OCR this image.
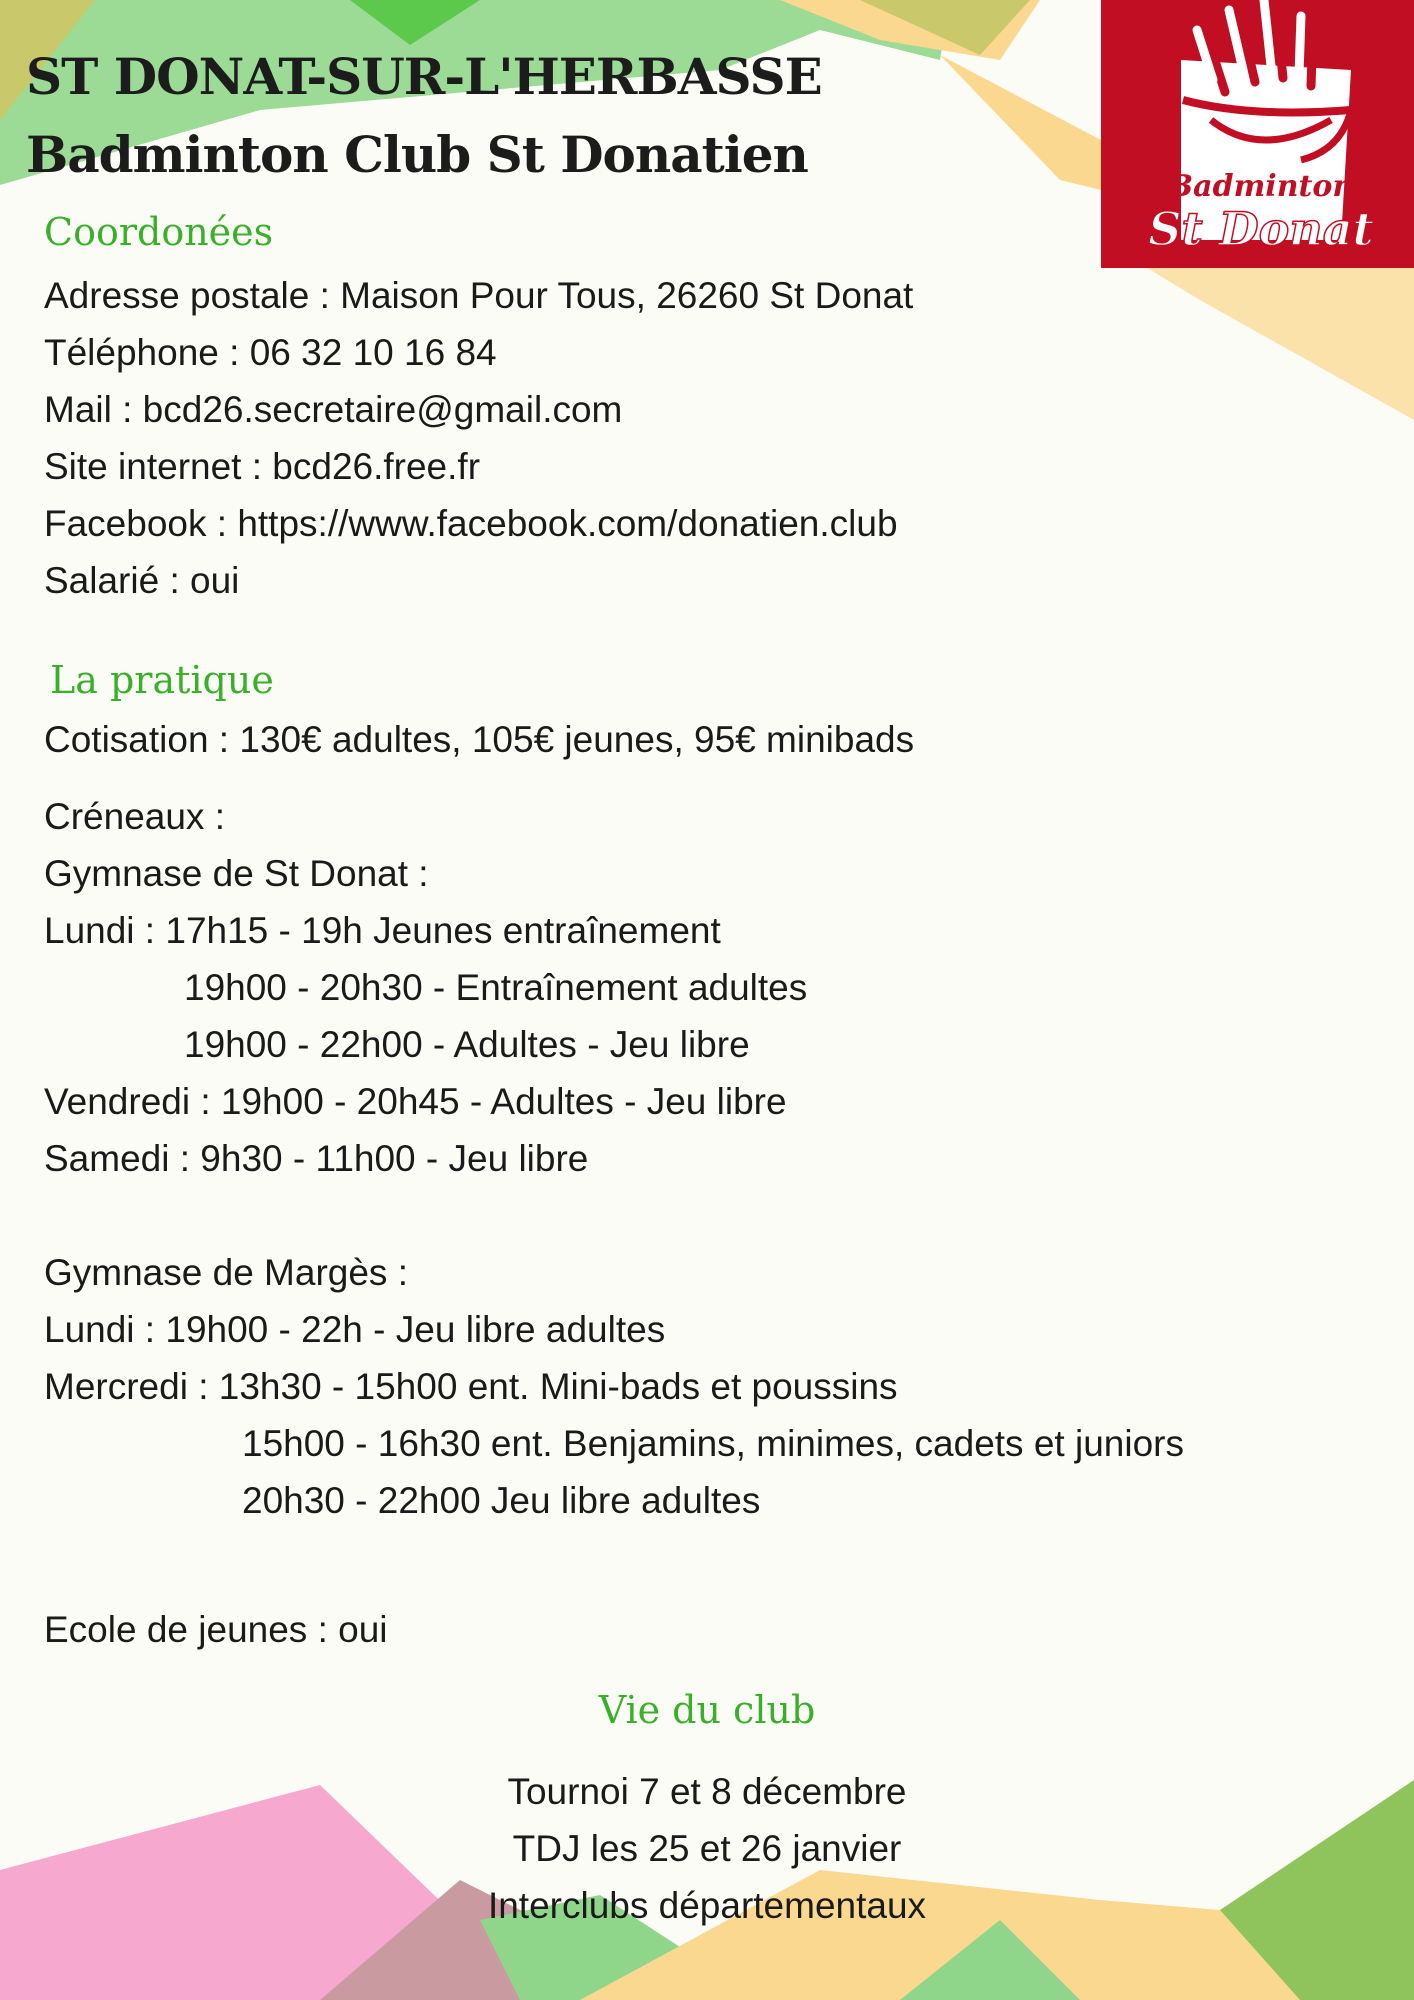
ST DONAT-SUR-L'HERBASSE
Badminton Club St Donatien
Badminton
St Donat
Coordonées
Adresse postale : Maison Pour Tous, 26260 St Donat
Téléphone : 06 32 10 16 84
Mail : bcd26.secretaire@gmail.com
Site internet : bcd26.free.fr
Facebook : https://www.facebook.com/donatien.club
Salarié : oui
La pratique
Cotisation : 130€ adultes, 105€ jeunes, 95€ minibads
Créneaux :
Gymnase de St Donat :
Lundi : 17h15 - 19h Jeunes entraînement
19h00 - 20h30 - Entraînement adultes
19h00 - 22h00 - Adultes - Jeu libre
Vendredi : 19h00 - 20h45 - Adultes - Jeu libre
Samedi : 9h30 - 11h00 - Jeu libre
Gymnase de Margès :
Lundi : 19h00 - 22h - Jeu libre adultes
Mercredi : 13h30 - 15h00 ent. Mini-bads et poussins
15h00 - 16h30 ent. Benjamins, minimes, cadets et juniors
20h30 - 22h00 Jeu libre adultes
Ecole de jeunes : oui
Vie du club
Tournoi 7 et 8 décembre
TDJ les 25 et 26 janvier
Interclubs départementaux
